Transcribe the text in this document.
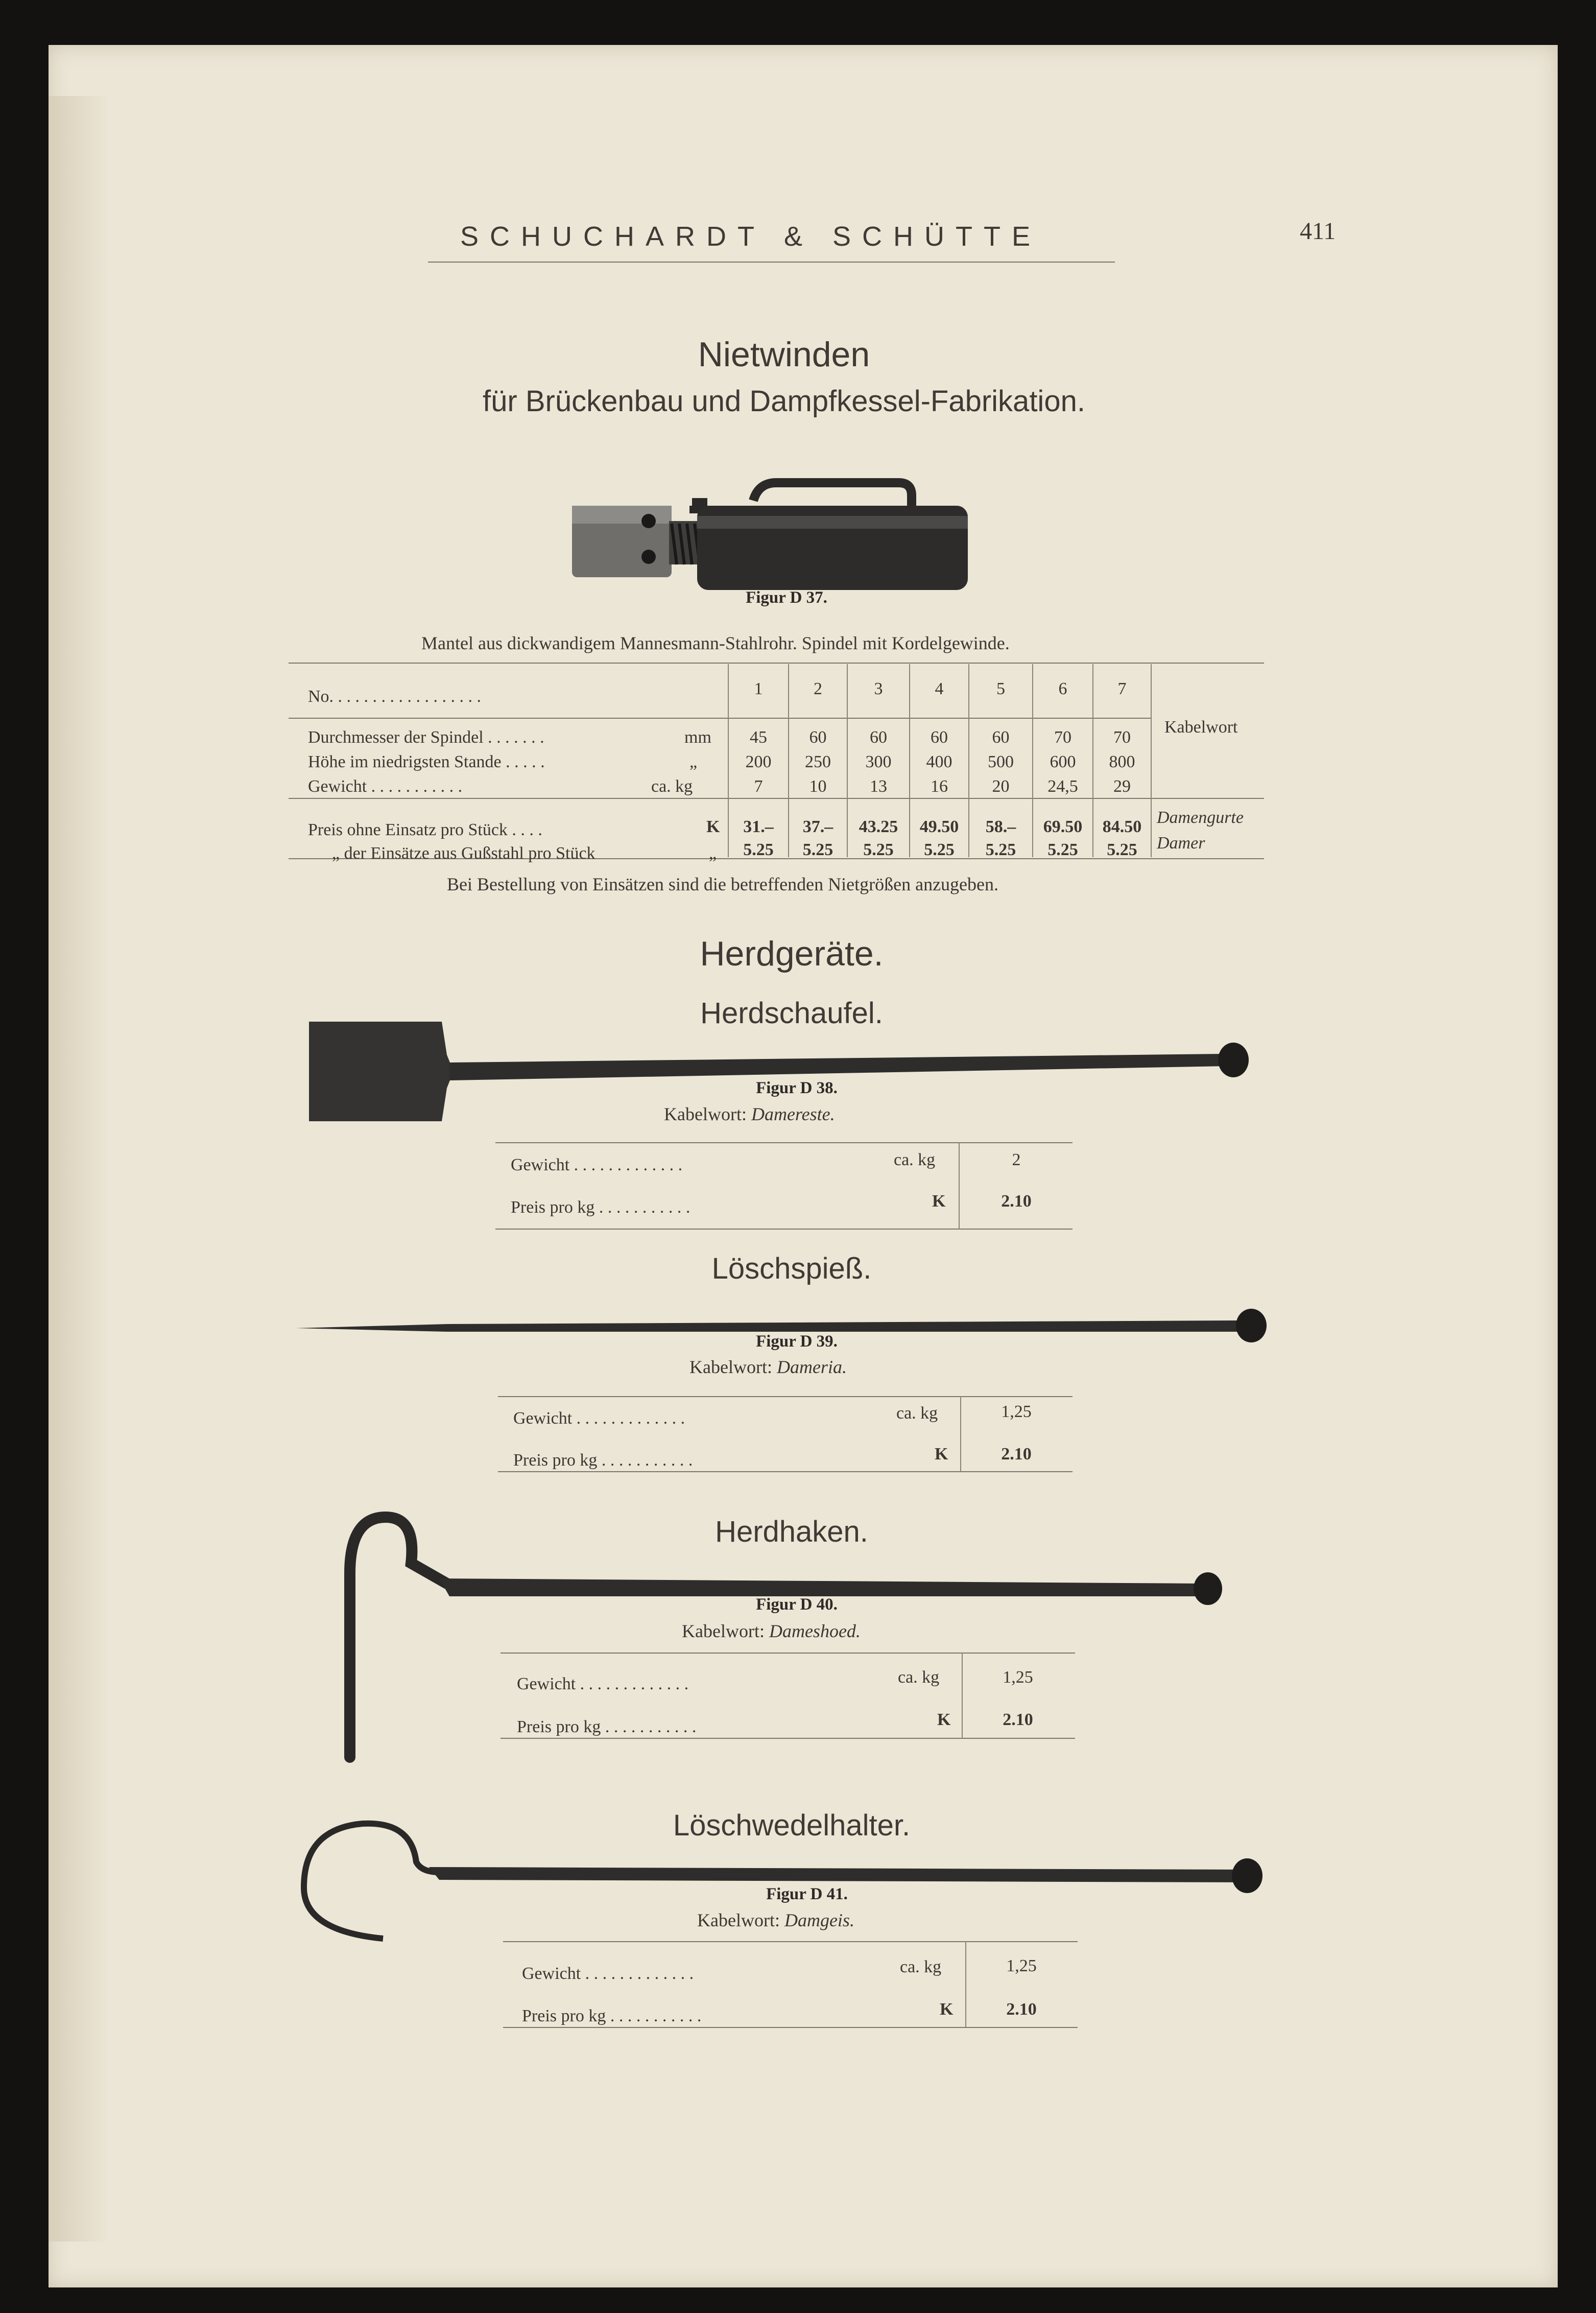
SCHUCHARDT & SCHÜTTE	411
Nietwinden
für Brückenbau und Dampfkessel-Fabrikation.
Figur D 37.
Mantel aus dickwandigem Mannesmann-Stahlrohr. Spindel mit Kordelgewinde.
No. . . . . . . . . . . . . . . . . .	1	2	3	4	5	6	7
Kabelwort
Durchmesser der Spindel . . . . . . .	mm	45	60	60	60	60	70	70
Höhe im niedrigsten Stande . . . . .	„	200	250	300	400	500	600	800
Gewicht . . . . . . . . . . .	ca. kg	7	10	13	16	20	24,5	29
Preis ohne Einsatz pro Stück . . . .	K	31.–	37.–	43.25	49.50	58.–	69.50	84.50 Damengurte
„ der Einsätze aus Gußstahl pro Stück	„	5.25	5.25	5.25	5.25	5.25	5.25	5.25	Damer
Bei Bestellung von Einsätzen sind die betreffenden Nietgrößen anzugeben.
Herdgeräte.
Herdschaufel.
Figur D 38.
Kabelwort: Damereste.
Gewicht . . . . . . . . . . . . .	ca. kg	2
Preis pro kg . . . . . . . . . . .	K	2.10
Löschspieß.
Figur D 39.
Kabelwort: Dameria.
Gewicht . . . . . . . . . . . . .	ca. kg	1,25
Preis pro kg . . . . . . . . . . .	K	2.10
Herdhaken.
Figur D 40.
Kabelwort: Dameshoed.
Gewicht . . . . . . . . . . . . .	ca. kg	1,25
Preis pro kg . . . . . . . . . . .	K	2.10
Löschwedelhalter.
Figur D 41.
Kabelwort: Damgeis.
Gewicht . . . . . . . . . . . . .	ca. kg	1,25
Preis pro kg . . . . . . . . . . .	K	2.10
